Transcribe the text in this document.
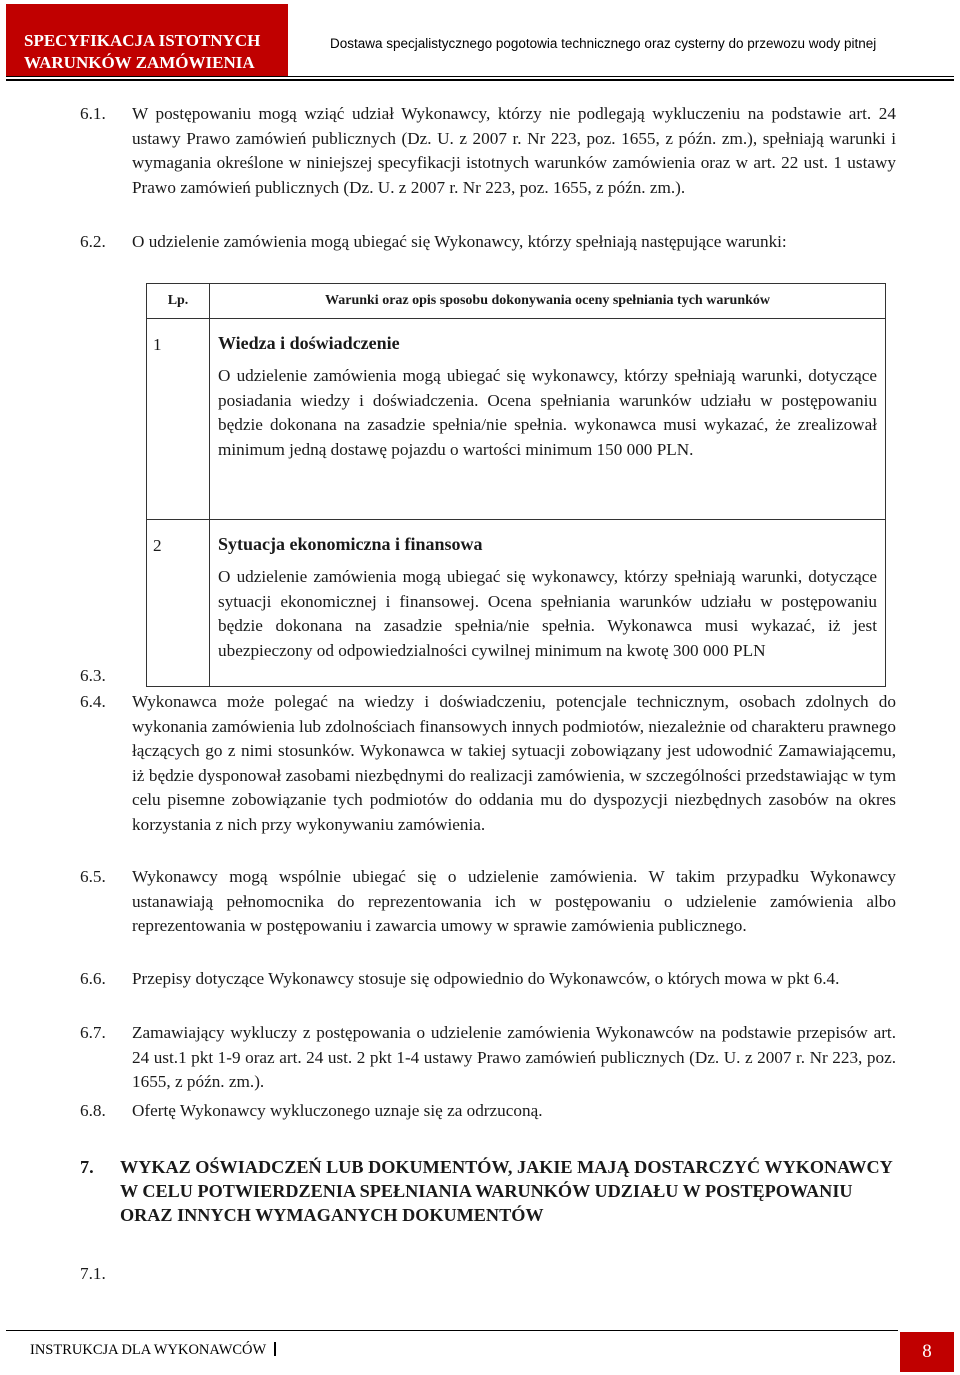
SPECYFIKACJA ISTOTNYCH
WARUNKÓW ZAMÓWIENIA
Dostawa specjalistycznego pogotowia technicznego oraz cysterny do przewozu wody pitnej
6.1. W postępowaniu mogą wziąć udział Wykonawcy, którzy nie podlegają wykluczeniu na podstawie art. 24 ustawy Prawo zamówień publicznych (Dz. U. z 2007 r. Nr 223, poz. 1655, z późn. zm.), spełniają warunki i wymagania określone w niniejszej specyfikacji istotnych warunków zamówienia oraz w art. 22 ust. 1 ustawy Prawo zamówień publicznych (Dz. U. z 2007 r. Nr 223, poz. 1655, z późn. zm.).
6.2. O udzielenie zamówienia mogą ubiegać się Wykonawcy, którzy spełniają następujące warunki:
Lp.	Warunki oraz opis sposobu dokonywania oceny spełniania tych warunków
1	Wiedza i doświadczenie
O udzielenie zamówienia mogą ubiegać się wykonawcy, którzy spełniają warunki, dotyczące posiadania wiedzy i doświadczenia. Ocena spełniania warunków udziału w postępowaniu będzie dokonana na zasadzie spełnia/nie spełnia. wykonawca musi wykazać, że zrealizował minimum jedną dostawę pojazdu o wartości minimum 150 000 PLN.

2	Sytuacja ekonomiczna i finansowa
O udzielenie zamówienia mogą ubiegać się wykonawcy, którzy spełniają warunki, dotyczące sytuacji ekonomicznej i finansowej. Ocena spełniania warunków udziału w postępowaniu będzie dokonana na zasadzie spełnia/nie spełnia. Wykonawca musi wykazać, iż jest ubezpieczony od odpowiedzialności cywilnej minimum na kwotę 300 000 PLN
6.3.
6.4. Wykonawca może polegać na wiedzy i doświadczeniu, potencjale technicznym, osobach zdolnych do wykonania zamówienia lub zdolnościach finansowych innych podmiotów, niezależnie od charakteru prawnego łączących go z nimi stosunków. Wykonawca w takiej sytuacji zobowiązany jest udowodnić Zamawiającemu, iż będzie dysponował zasobami niezbędnymi do realizacji zamówienia, w szczególności przedstawiając w tym celu pisemne zobowiązanie tych podmiotów do oddania mu do dyspozycji niezbędnych zasobów na okres korzystania z nich przy wykonywaniu zamówienia.
6.5. Wykonawcy mogą wspólnie ubiegać się o udzielenie zamówienia. W takim przypadku Wykonawcy ustanawiają pełnomocnika do reprezentowania ich w postępowaniu o udzielenie zamówienia albo reprezentowania w postępowaniu i zawarcia umowy w sprawie zamówienia publicznego.
6.6. Przepisy dotyczące Wykonawcy stosuje się odpowiednio do Wykonawców, o których mowa w pkt 6.4.
6.7. Zamawiający wykluczy z postępowania o udzielenie zamówienia Wykonawców na podstawie przepisów art. 24 ust.1 pkt 1-9 oraz art. 24 ust. 2 pkt 1-4 ustawy Prawo zamówień publicznych (Dz. U. z 2007 r. Nr 223, poz. 1655, z późn. zm.).
6.8. Ofertę Wykonawcy wykluczonego uznaje się za odrzuconą.
7. WYKAZ OŚWIADCZEŃ LUB DOKUMENTÓW, JAKIE MAJĄ DOSTARCZYĆ WYKONAWCY W CELU POTWIERDZENIA SPEŁNIANIA WARUNKÓW UDZIAŁU W POSTĘPOWANIU ORAZ INNYCH WYMAGANYCH DOKUMENTÓW
7.1.
INSTRUKCJA DLA WYKONAWCÓW	8
